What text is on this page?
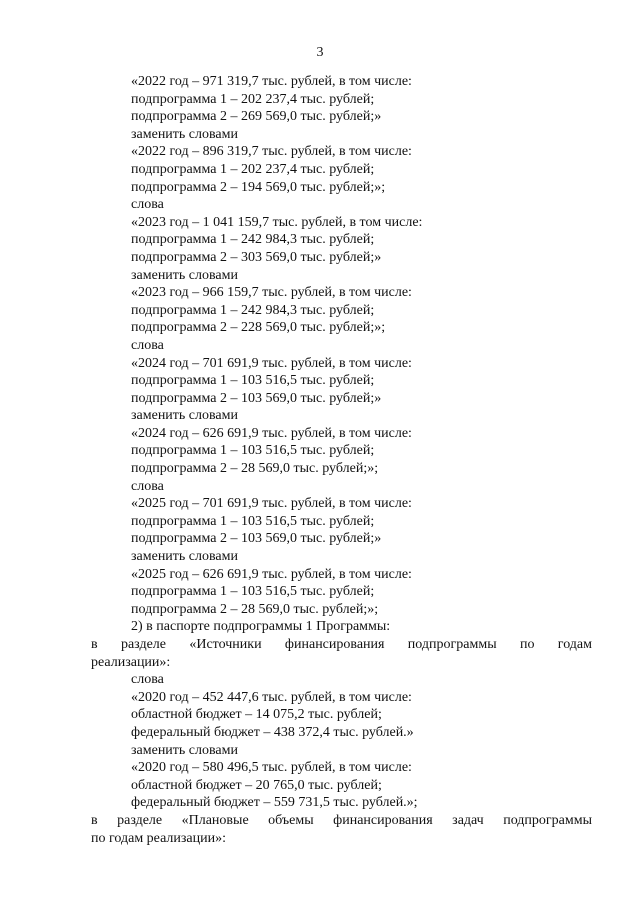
3
«2022 год – 971 319,7 тыс. рублей, в том числе:
подпрограмма 1 – 202 237,4 тыс. рублей;
подпрограмма 2 – 269 569,0 тыс. рублей;»
заменить словами
«2022 год – 896 319,7 тыс. рублей, в том числе:
подпрограмма 1 – 202 237,4 тыс. рублей;
подпрограмма 2 – 194 569,0 тыс. рублей;»;
слова
«2023 год – 1 041 159,7 тыс. рублей, в том числе:
подпрограмма 1 – 242 984,3 тыс. рублей;
подпрограмма 2 – 303 569,0 тыс. рублей;»
заменить словами
«2023 год – 966 159,7 тыс. рублей, в том числе:
подпрограмма 1 – 242 984,3 тыс. рублей;
подпрограмма 2 – 228 569,0 тыс. рублей;»;
слова
«2024 год – 701 691,9 тыс. рублей, в том числе:
подпрограмма 1 – 103 516,5 тыс. рублей;
подпрограмма 2 – 103 569,0 тыс. рублей;»
заменить словами
«2024 год – 626 691,9 тыс. рублей, в том числе:
подпрограмма 1 – 103 516,5 тыс. рублей;
подпрограмма 2 – 28 569,0 тыс. рублей;»;
слова
«2025 год – 701 691,9 тыс. рублей, в том числе:
подпрограмма 1 – 103 516,5 тыс. рублей;
подпрограмма 2 – 103 569,0 тыс. рублей;»
заменить словами
«2025 год – 626 691,9 тыс. рублей, в том числе:
подпрограмма 1 – 103 516,5 тыс. рублей;
подпрограмма 2 – 28 569,0 тыс. рублей;»;
2) в паспорте подпрограммы 1 Программы:
в разделе «Источники финансирования подпрограммы по годам
реализации»:
слова
«2020 год – 452 447,6 тыс. рублей, в том числе:
областной бюджет – 14 075,2 тыс. рублей;
федеральный бюджет – 438 372,4 тыс. рублей.»
заменить словами
«2020 год – 580 496,5 тыс. рублей, в том числе:
областной бюджет – 20 765,0 тыс. рублей;
федеральный бюджет – 559 731,5 тыс. рублей.»;
в разделе «Плановые объемы финансирования задач подпрограммы
по годам реализации»:
